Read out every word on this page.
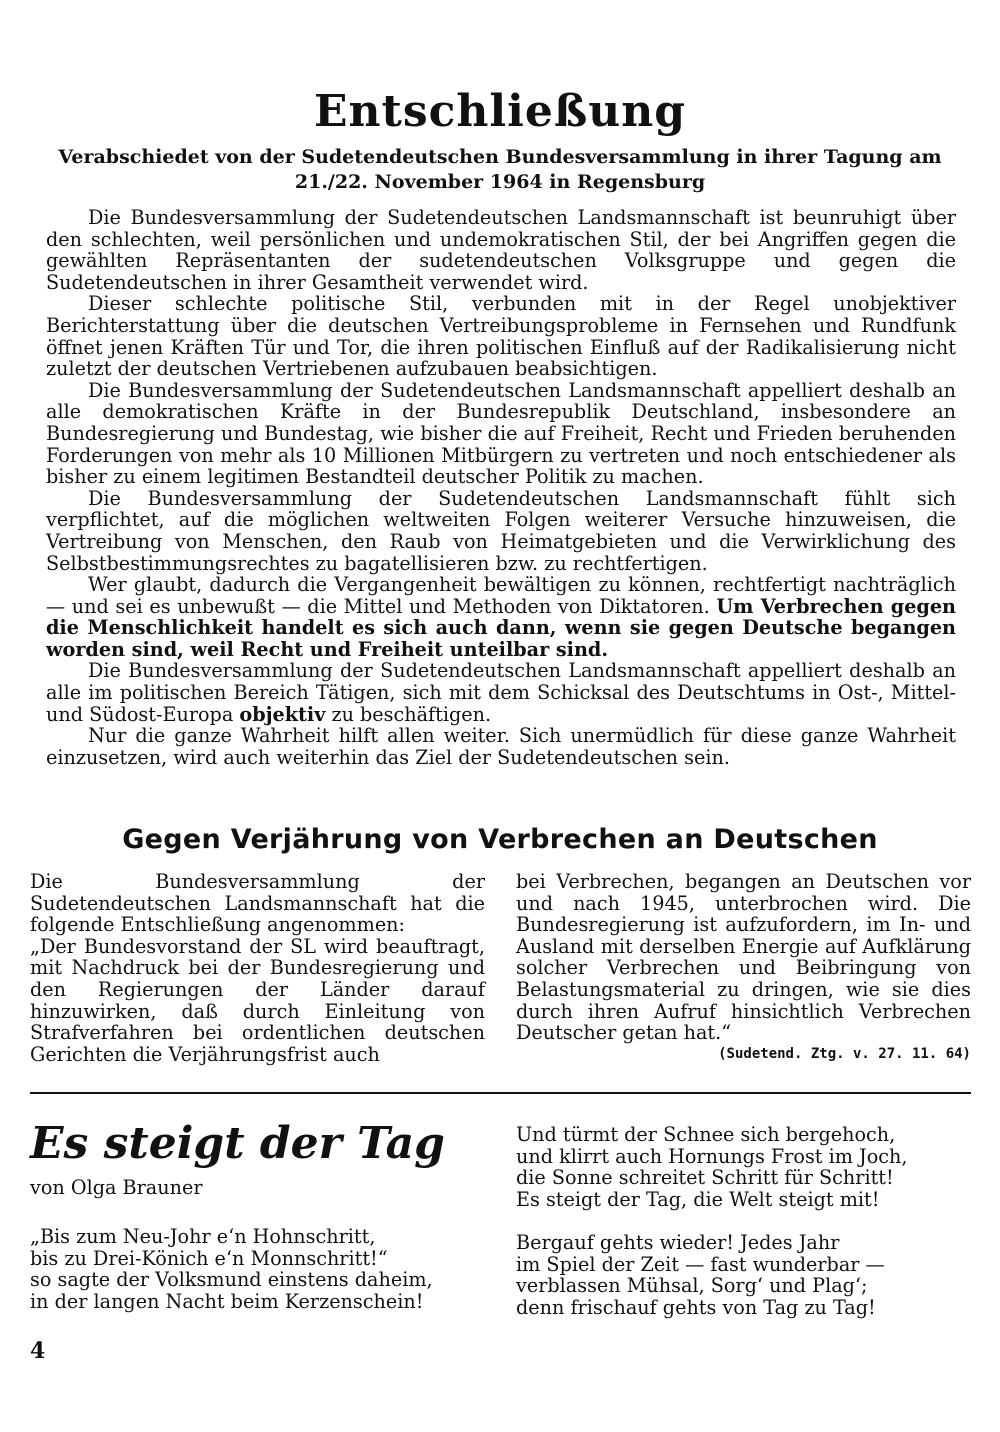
Entschließung
Verabschiedet von der Sudetendeutschen Bundesversammlung in ihrer Tagung am 21./22. November 1964 in Regensburg

Die Bundesversammlung der Sudetendeutschen Landsmannschaft ist beunruhigt über den schlechten, weil persönlichen und undemokratischen Stil, der bei Angriffen gegen die gewählten Repräsentanten der sudetendeutschen Volksgruppe und gegen die Sudetendeutschen in ihrer Gesamtheit verwendet wird.

Dieser schlechte politische Stil, verbunden mit in der Regel unobjektiver Berichterstattung über die deutschen Vertreibungsprobleme in Fernsehen und Rundfunk öffnet jenen Kräften Tür und Tor, die ihren politischen Einfluß auf der Radikalisierung nicht zuletzt der deutschen Vertriebenen aufzubauen beabsichtigen.

Die Bundesversammlung der Sudetendeutschen Landsmannschaft appelliert deshalb an alle demokratischen Kräfte in der Bundesrepublik Deutschland, insbesondere an Bundesregierung und Bundestag, wie bisher die auf Freiheit, Recht und Frieden beruhenden Forderungen von mehr als 10 Millionen Mitbürgern zu vertreten und noch entschiedener als bisher zu einem legitimen Bestandteil deutscher Politik zu machen.

Die Bundesversammlung der Sudetendeutschen Landsmannschaft fühlt sich verpflichtet, auf die möglichen weltweiten Folgen weiterer Versuche hinzuweisen, die Vertreibung von Menschen, den Raub von Heimatgebieten und die Verwirklichung des Selbstbestimmungsrechtes zu bagatellisieren bzw. zu rechtfertigen.

Wer glaubt, dadurch die Vergangenheit bewältigen zu können, rechtfertigt nachträglich — und sei es unbewußt — die Mittel und Methoden von Diktatoren. Um Verbrechen gegen die Menschlichkeit handelt es sich auch dann, wenn sie gegen Deutsche begangen worden sind, weil Recht und Freiheit unteilbar sind.

Die Bundesversammlung der Sudetendeutschen Landsmannschaft appelliert deshalb an alle im politischen Bereich Tätigen, sich mit dem Schicksal des Deutschtums in Ost-, Mittel- und Südost-Europa objektiv zu beschäftigen.

Nur die ganze Wahrheit hilft allen weiter. Sich unermüdlich für diese ganze Wahrheit einzusetzen, wird auch weiterhin das Ziel der Sudetendeutschen sein.

Gegen Verjährung von Verbrechen an Deutschen

Die Bundesversammlung der Sudetendeutschen Landsmannschaft hat die folgende Entschließung angenommen:

„Der Bundesvorstand der SL wird beauftragt, mit Nachdruck bei der Bundesregierung und den Regierungen der Länder darauf hinzuwirken, daß durch Einleitung von Strafverfahren bei ordentlichen deutschen Gerichten die Verjährungsfrist auch

bei Verbrechen, begangen an Deutschen vor und nach 1945, unterbrochen wird. Die Bundesregierung ist aufzufordern, im In- und Ausland mit derselben Energie auf Aufklärung solcher Verbrechen und Beibringung von Belastungsmaterial zu dringen, wie sie dies durch ihren Aufruf hinsichtlich Verbrechen Deutscher getan hat.“

(Sudetend. Ztg. v. 27. 11. 64)
Es steigt der Tag
von Olga Brauner
„Bis zum Neu-Johr e‘n Hohnschritt,
bis zu Drei-Könich e‘n Monnschritt!“
so sagte der Volksmund einstens daheim,
in der langen Nacht beim Kerzenschein!
Und türmt der Schnee sich bergehoch,
und klirrt auch Hornungs Frost im Joch,
die Sonne schreitet Schritt für Schritt!
Es steigt der Tag, die Welt steigt mit!
Bergauf gehts wieder! Jedes Jahr
im Spiel der Zeit — fast wunderbar —
verblassen Mühsal, Sorg‘ und Plag‘;
denn frischauf gehts von Tag zu Tag!
4
